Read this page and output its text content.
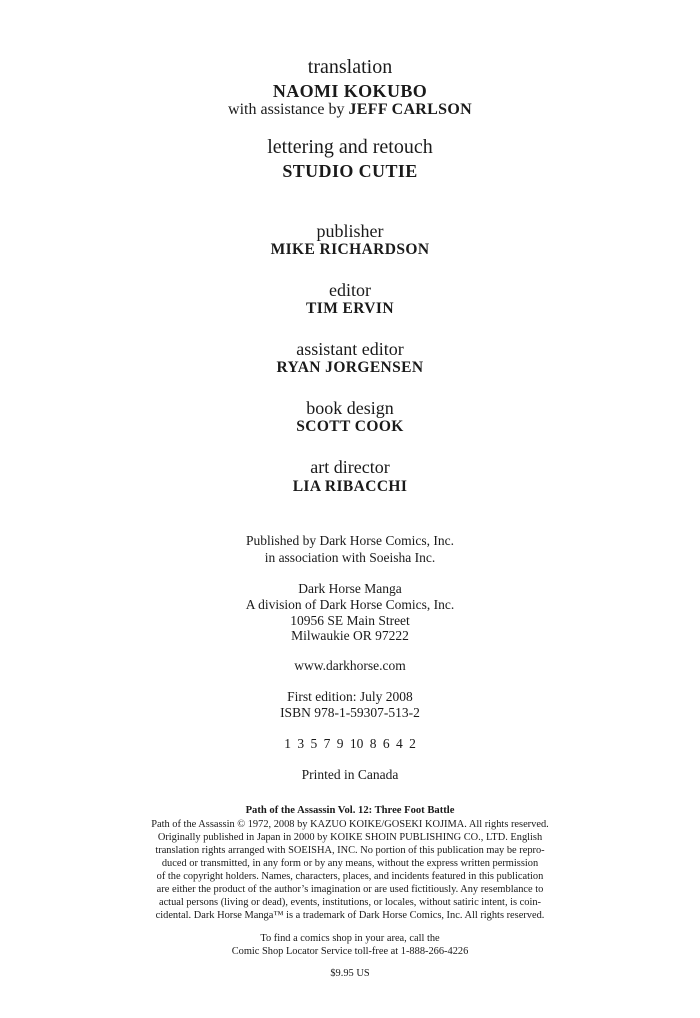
translation
NAOMI KOKUBO
with assistance by JEFF CARLSON
lettering and retouch
STUDIO CUTIE
publisher
MIKE RICHARDSON
editor
TIM ERVIN
assistant editor
RYAN JORGENSEN
book design
SCOTT COOK
art director
LIA RIBACCHI
Published by Dark Horse Comics, Inc.
in association with Soeisha Inc.
Dark Horse Manga
A division of Dark Horse Comics, Inc.
10956 SE Main Street
Milwaukie OR 97222
www.darkhorse.com
First edition: July 2008
ISBN 978-1-59307-513-2
1 3 5 7 9 10 8 6 4 2
Printed in Canada
Path of the Assassin Vol. 12: Three Foot Battle
Path of the Assassin © 1972, 2008 by KAZUO KOIKE/GOSEKI KOJIMA. All rights reserved.
Originally published in Japan in 2000 by KOIKE SHOIN PUBLISHING CO., LTD. English
translation rights arranged with SOEISHA, INC. No portion of this publication may be repro-
duced or transmitted, in any form or by any means, without the express written permission
of the copyright holders. Names, characters, places, and incidents featured in this publication
are either the product of the author’s imagination or are used fictitiously. Any resemblance to
actual persons (living or dead), events, institutions, or locales, without satiric intent, is coin-
cidental. Dark Horse Manga™ is a trademark of Dark Horse Comics, Inc. All rights reserved.
To find a comics shop in your area, call the
Comic Shop Locator Service toll-free at 1-888-266-4226
$9.95 US
